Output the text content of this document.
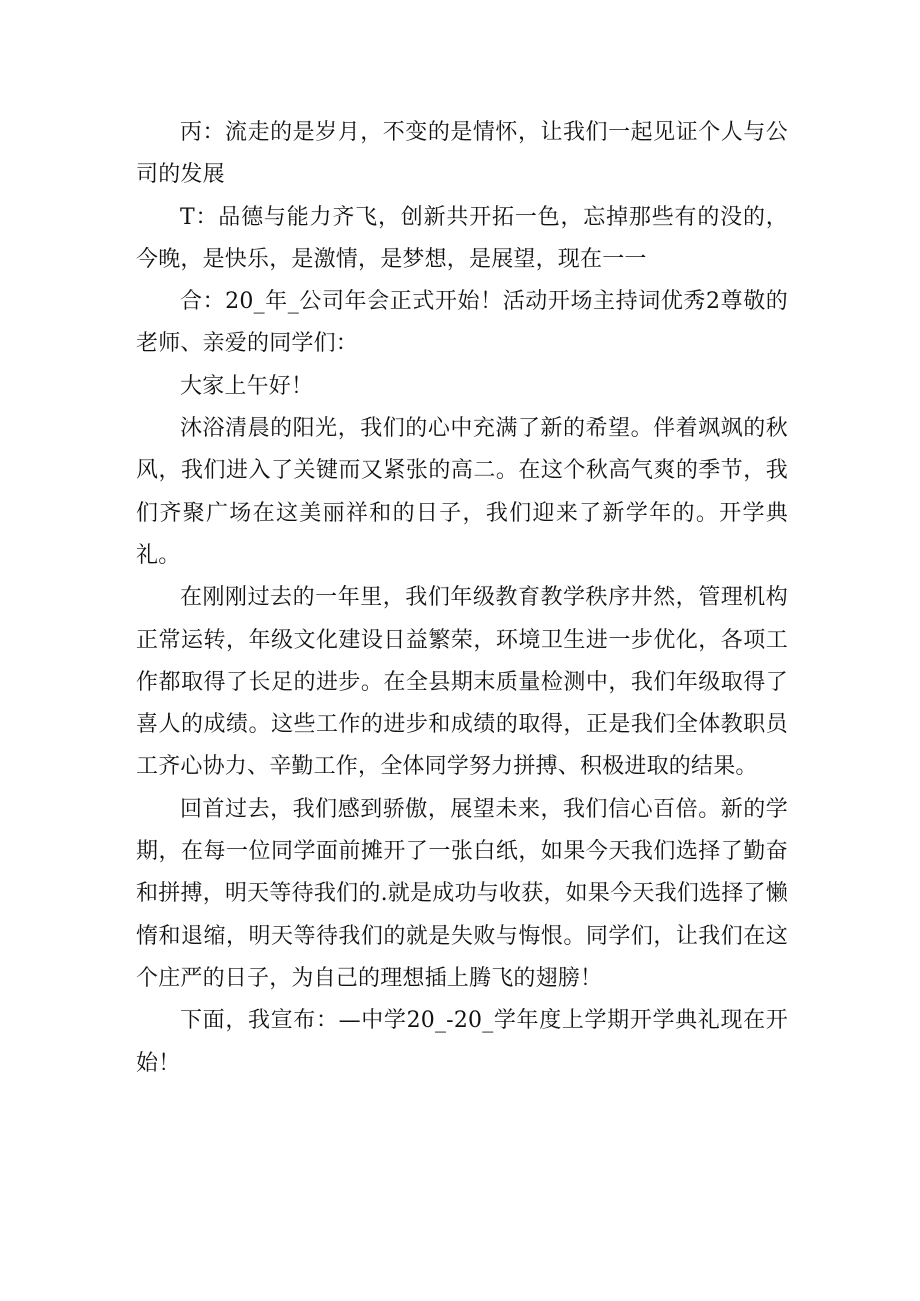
丙：流走的是岁月，不变的是情怀，让我们一起见证个人与公司的发展

T：品德与能力齐飞，创新共开拓一色，忘掉那些有的没的，今晚，是快乐，是激情，是梦想，是展望，现在一一

合：20_年_公司年会正式开始！活动开场主持词优秀2尊敬的老师、亲爱的同学们：

大家上午好！

沐浴清晨的阳光，我们的心中充满了新的希望。伴着飒飒的秋风，我们进入了关键而又紧张的高二。在这个秋高气爽的季节，我们齐聚广场在这美丽祥和的日子，我们迎来了新学年的。开学典礼。

在刚刚过去的一年里，我们年级教育教学秩序井然，管理机构正常运转，年级文化建设日益繁荣，环境卫生进一步优化，各项工作都取得了长足的进步。在全县期末质量检测中，我们年级取得了喜人的成绩。这些工作的进步和成绩的取得，正是我们全体教职员工齐心协力、辛勤工作，全体同学努力拼搏、积极进取的结果。

回首过去，我们感到骄傲，展望未来，我们信心百倍。新的学期，在每一位同学面前摊开了一张白纸，如果今天我们选择了勤奋和拼搏，明天等待我们的.就是成功与收获，如果今天我们选择了懒惰和退缩，明天等待我们的就是失败与悔恨。同学们，让我们在这个庄严的日子，为自己的理想插上腾飞的翅膀！

下面，我宣布：—中学20_-20_学年度上学期开学典礼现在开始！
